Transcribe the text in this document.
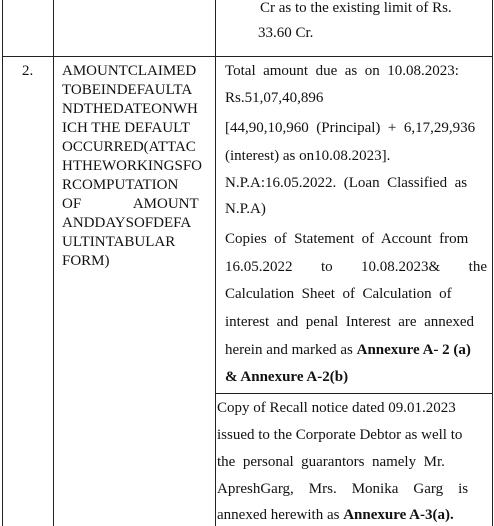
Cr as to the existing limit of Rs.
33.60 Cr.
2.	AMOUNTCLAIMED
TOBEINDEFAULTA
NDTHEDATEONWH
ICH THE DEFAULT
OCCURRED(ATTAC
HTHEWORKINGSFO
RCOMPUTATION
OF              AMOUNT
ANDDAYSOFDEFA
ULTINTABULAR
FORM)
Total  amount  due  as  on  10.08.2023:
Rs.51,07,40,896
[44,90,10,960  (Principal)  +  6,17,29,936
(interest) as on10.08.2023].
N.P.A:16.05.2022.  (Loan  Classified  as
N.P.A)
Copies  of  Statement  of  Account  from
16.05.2022 to 10.08.2023& the
Calculation  Sheet  of  Calculation  of
interest  and  penal  Interest  are  annexed
herein and marked as Annexure A- 2 (a)
& Annexure A-2(b)
Copy of Recall notice dated 09.01.2023
issued to the Corporate Debtor as well to
the  personal  guarantors  namely  Mr.
ApreshGarg,    Mrs.    Monika    Garg    is
annexed herewith as Annexure A-3(a).
